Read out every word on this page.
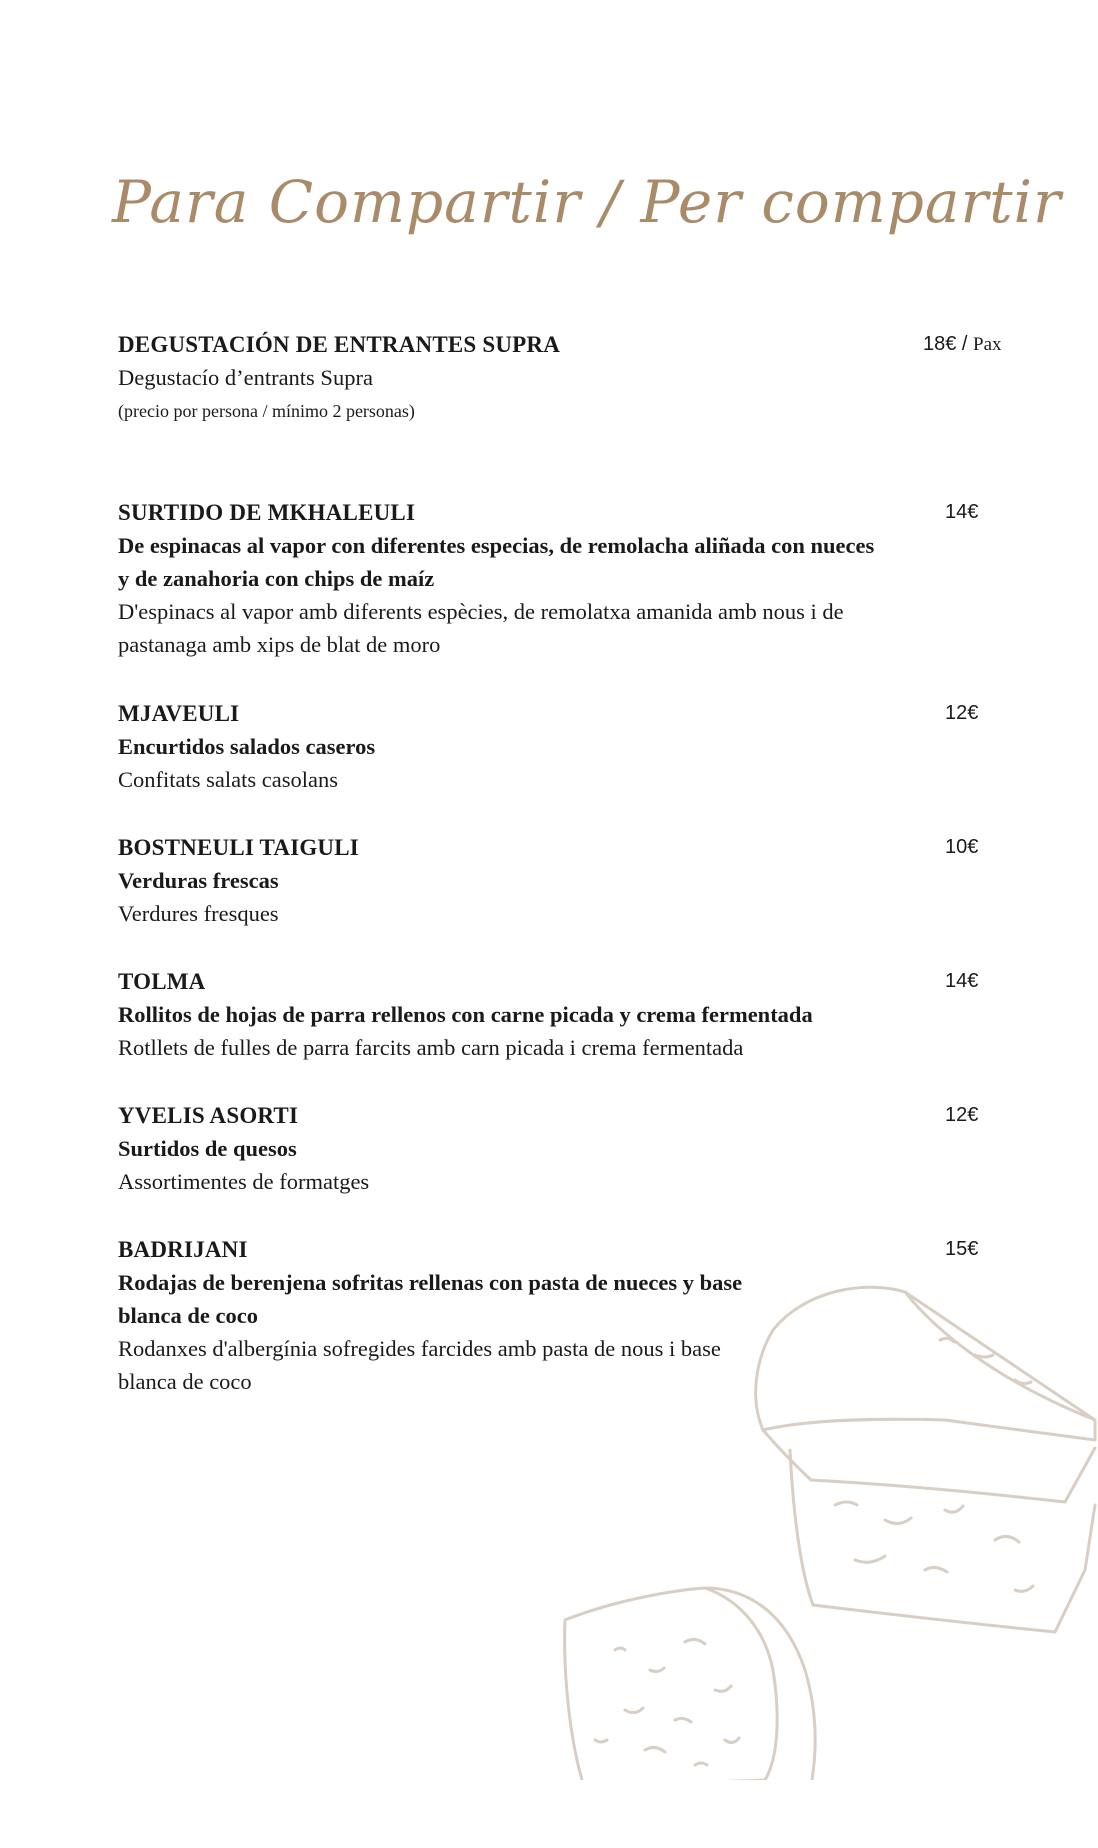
Para Compartir / Per compartir
DEGUSTACIÓN DE ENTRANTES SUPRA	18€ / Pax
Degustacío d’entrants Supra
(precio por persona / mínimo 2 personas)
SURTIDO DE MKHALEULI	14€
De espinacas al vapor con diferentes especias, de remolacha aliñada con nueces y de zanahoria con chips de maíz
D'espinacs al vapor amb diferents espècies, de remolatxa amanida amb nous i de pastanaga amb xips de blat de moro
MJAVEULI	12€
Encurtidos salados caseros
Confitats salats casolans
BOSTNEULI TAIGULI	10€
Verduras frescas
Verdures fresques
TOLMA	14€
Rollitos de hojas de parra rellenos con carne picada y crema fermentada
Rotllets de fulles de parra farcits amb carn picada i crema fermentada
YVELIS ASORTI	12€
Surtidos de quesos
Assortimentes de formatges
BADRIJANI	15€
Rodajas de berenjena sofritas rellenas con pasta de nueces y base blanca de coco
Rodanxes d'albergínia sofregides farcides amb pasta de nous i base blanca de coco
